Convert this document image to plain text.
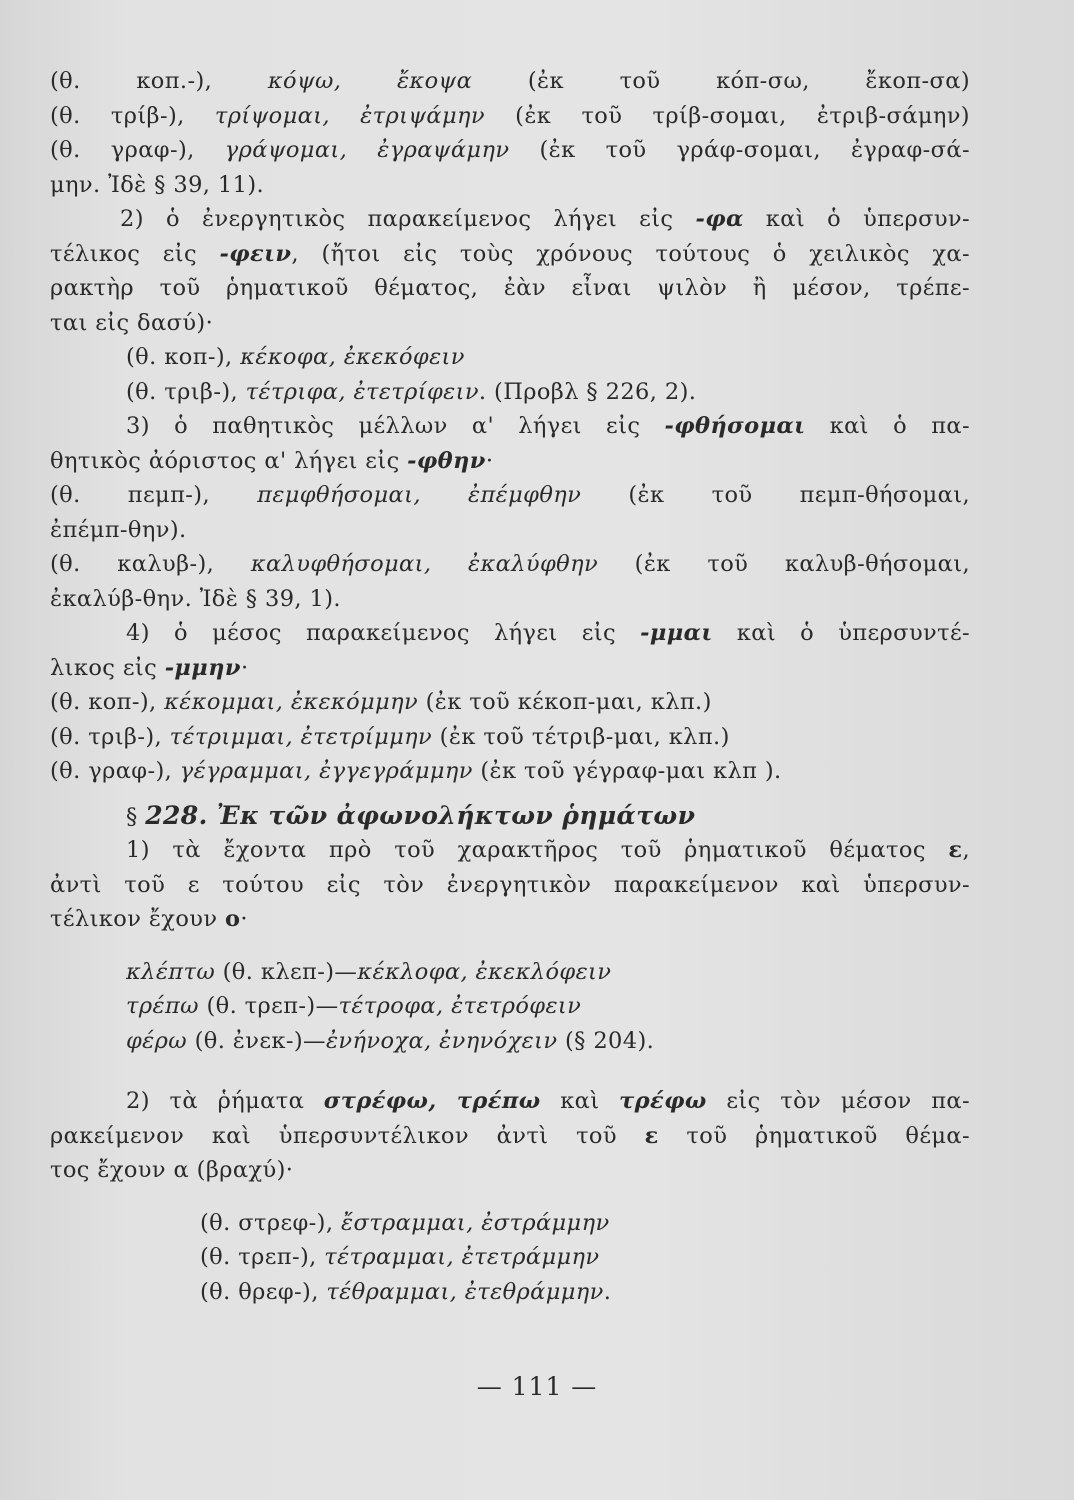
(θ. κοπ.-), κόψω, ἔκοψα (ἐκ τοῦ κόπ-σω, ἔκοπ-σα)
(θ. τρίβ-), τρίψομαι, ἐτριψάμην (ἐκ τοῦ τρίβ-σομαι, ἐτριβ-σάμην)
(θ. γραφ-), γράψομαι, ἐγραψάμην (ἐκ τοῦ γράφ-σομαι, ἐγραφ-σά-
μην. Ἰδὲ § 39, 11).
2) ὁ ἐνεργητικὸς παρακείμενος λήγει εἰς -φα καὶ ὁ ὑπερσυν-
τέλικος εἰς -φειν, (ἤτοι εἰς τοὺς χρόνους τούτους ὁ χειλικὸς χα-
ρακτὴρ τοῦ ῥηματικοῦ θέματος, ἐὰν εἶναι ψιλὸν ἢ μέσον, τρέπε-
ται εἰς δασύ)·
(θ. κοπ-), κέκοφα, ἐκεκόφειν
(θ. τριβ-), τέτριφα, ἐτετρίφειν. (Προβλ § 226, 2).
3) ὁ παθητικὸς μέλλων α' λήγει εἰς -φθήσομαι καὶ ὁ πα-
θητικὸς ἀόριστος α' λήγει εἰς -φθην·
(θ. πεμπ-), πεμφθήσομαι, ἐπέμφθην (ἐκ τοῦ πεμπ-θήσομαι,
ἐπέμπ-θην).
(θ. καλυβ-), καλυφθήσομαι, ἐκαλύφθην (ἐκ τοῦ καλυβ-θήσομαι,
ἐκαλύβ-θην. Ἰδὲ § 39, 1).
4) ὁ μέσος παρακείμενος λήγει εἰς -μμαι καὶ ὁ ὑπερσυντέ-
λικος εἰς -μμην·
(θ. κοπ-), κέκομμαι, ἐκεκόμμην (ἐκ τοῦ κέκοπ-μαι, κλπ.)
(θ. τριβ-), τέτριμμαι, ἐτετρίμμην (ἐκ τοῦ τέτριβ-μαι, κλπ.)
(θ. γραφ-), γέγραμμαι, ἐγγεγράμμην (ἐκ τοῦ γέγραφ-μαι κλπ ).
§ 228. Ἐκ τῶν ἀφωνολήκτων ῥημάτων
1) τὰ ἔχοντα πρὸ τοῦ χαρακτῆρος τοῦ ῥηματικοῦ θέματος ε,
ἀντὶ τοῦ ε τούτου εἰς τὸν ἐνεργητικὸν παρακείμενον καὶ ὑπερσυν-
τέλικον ἔχουν ο·
κλέπτω (θ. κλεπ-)—κέκλοφα, ἐκεκλόφειν
τρέπω (θ. τρεπ-)—τέτροφα, ἐτετρόφειν
φέρω (θ. ἐνεκ-)—ἐνήνοχα, ἐνηνόχειν (§ 204).
2) τὰ ῥήματα στρέφω, τρέπω καὶ τρέφω εἰς τὸν μέσον πα-
ρακείμενον καὶ ὑπερσυντέλικον ἀντὶ τοῦ ε τοῦ ῥηματικοῦ θέμα-
τος ἔχουν α (βραχύ)·
(θ. στρεφ-), ἔστραμμαι, ἐστράμμην
(θ. τρεπ-), τέτραμμαι, ἐτετράμμην
(θ. θρεφ-), τέθραμμαι, ἐτεθράμμην.
— 111 —
